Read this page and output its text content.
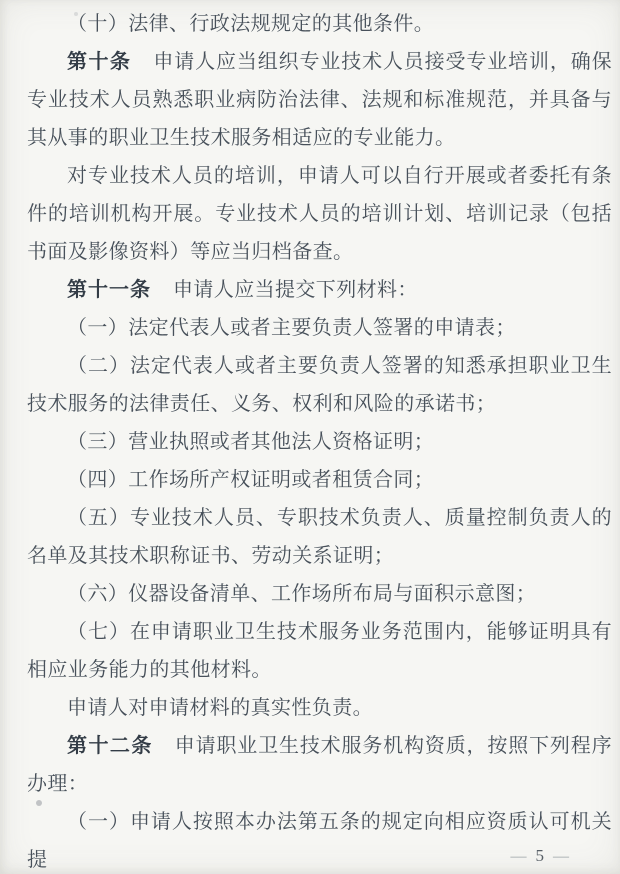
（十）法律、行政法规规定的其他条件。

第十条 申请人应当组织专业技术人员接受专业培训，确保专业技术人员熟悉职业病防治法律、法规和标准规范，并具备与其从事的职业卫生技术服务相适应的专业能力。

对专业技术人员的培训，申请人可以自行开展或者委托有条件的培训机构开展。专业技术人员的培训计划、培训记录（包括书面及影像资料）等应当归档备查。

第十一条 申请人应当提交下列材料：

（一）法定代表人或者主要负责人签署的申请表；

（二）法定代表人或者主要负责人签署的知悉承担职业卫生技术服务的法律责任、义务、权利和风险的承诺书；

（三）营业执照或者其他法人资格证明；

（四）工作场所产权证明或者租赁合同；

（五）专业技术人员、专职技术负责人、质量控制负责人的名单及其技术职称证书、劳动关系证明；

（六）仪器设备清单、工作场所布局与面积示意图；

（七）在申请职业卫生技术服务业务范围内，能够证明具有相应业务能力的其他材料。

申请人对申请材料的真实性负责。

第十二条 申请职业卫生技术服务机构资质，按照下列程序办理：

（一）申请人按照本办法第五条的规定向相应资质认可机关提	— 5 —
